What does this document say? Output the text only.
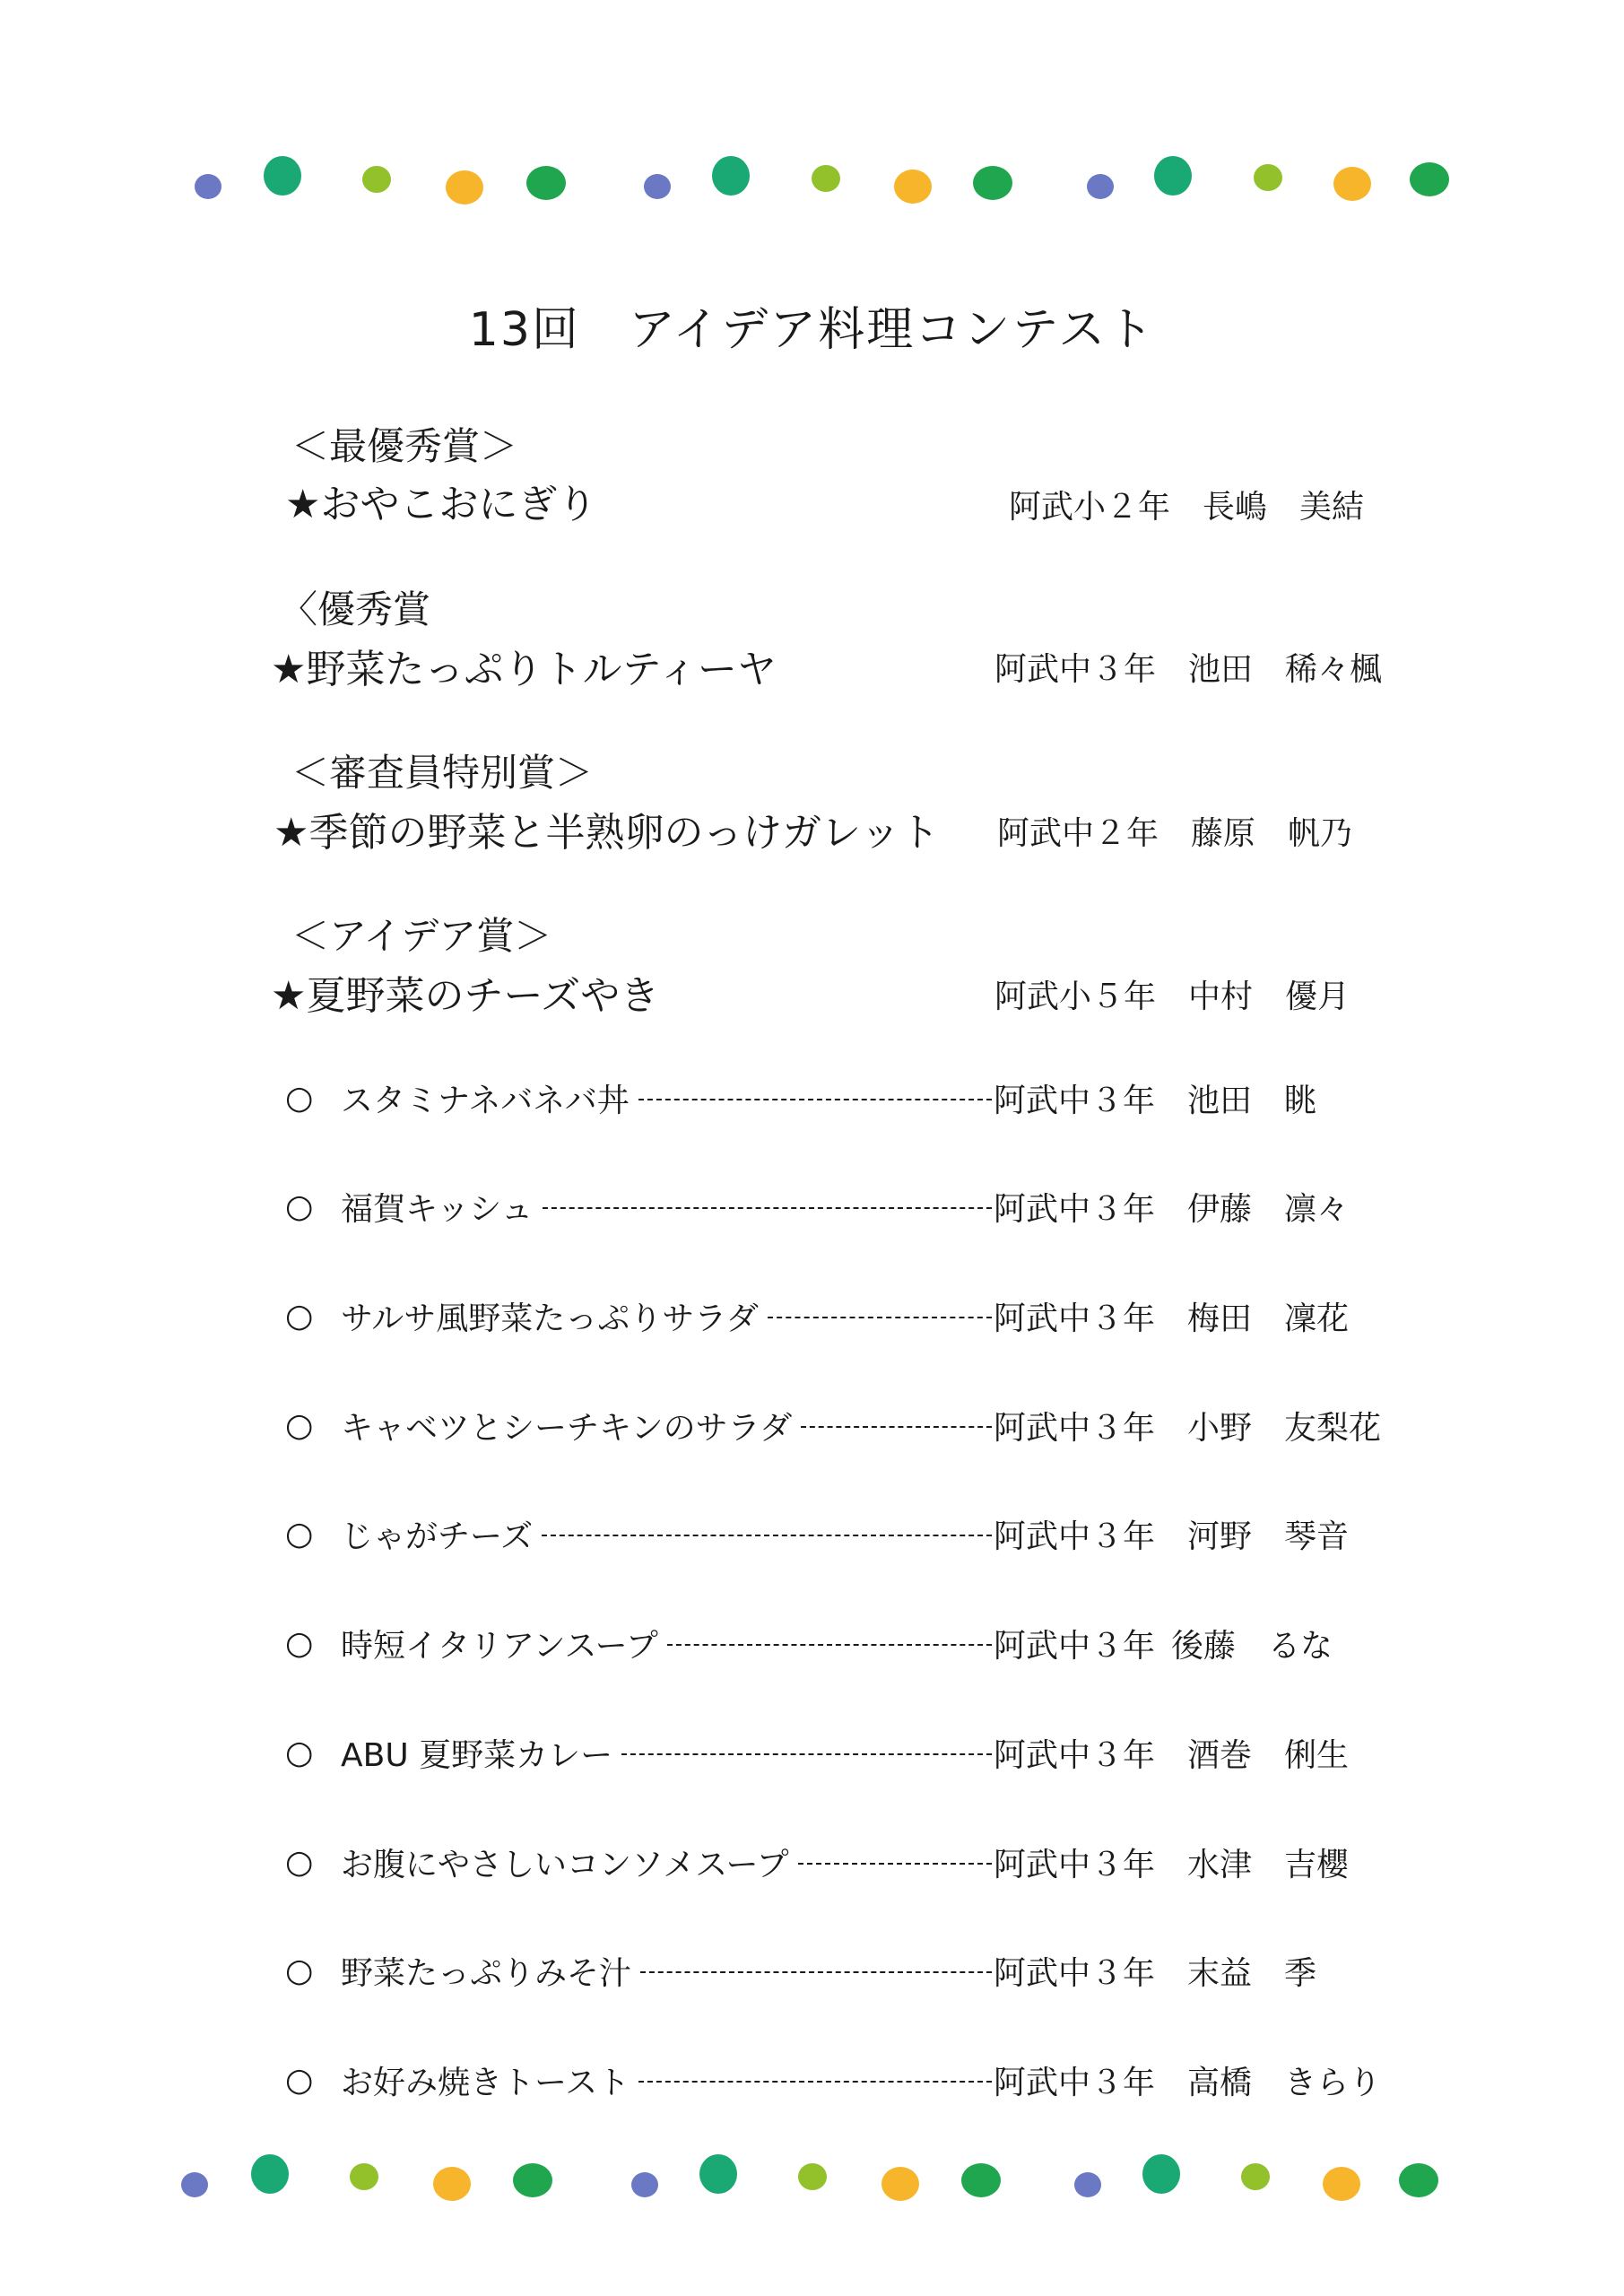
13回　アイデア料理コンテスト
＜最優秀賞＞
★おやこおにぎり	阿武小２年 長嶋　美結
〈優秀賞
★野菜たっぷりトルティーヤ	阿武中３年 池田　稀々楓
＜審査員特別賞＞
★季節の野菜と半熟卵のっけガレット 阿武中２年 藤原　帆乃
＜アイデア賞＞
★夏野菜のチーズやき	阿武小５年 中村　優月
○ スタミナネバネバ丼	阿武中３年 池田　眺
○ 福賀キッシュ	阿武中３年 伊藤　凛々
○ サルサ風野菜たっぷりサラダ	阿武中３年 梅田　凜花
○ キャベツとシーチキンのサラダ	阿武中３年 小野　友梨花
○ じゃがチーズ	阿武中３年 河野　琴音
○ 時短イタリアンスープ	阿武中３年 後藤　るな
○ ABU 夏野菜カレー	阿武中３年 酒巻　俐生
○ お腹にやさしいコンソメスープ	阿武中３年 水津　吉櫻
○ 野菜たっぷりみそ汁	阿武中３年 末益　季
○ お好み焼きトースト	阿武中３年 高橋　きらり
